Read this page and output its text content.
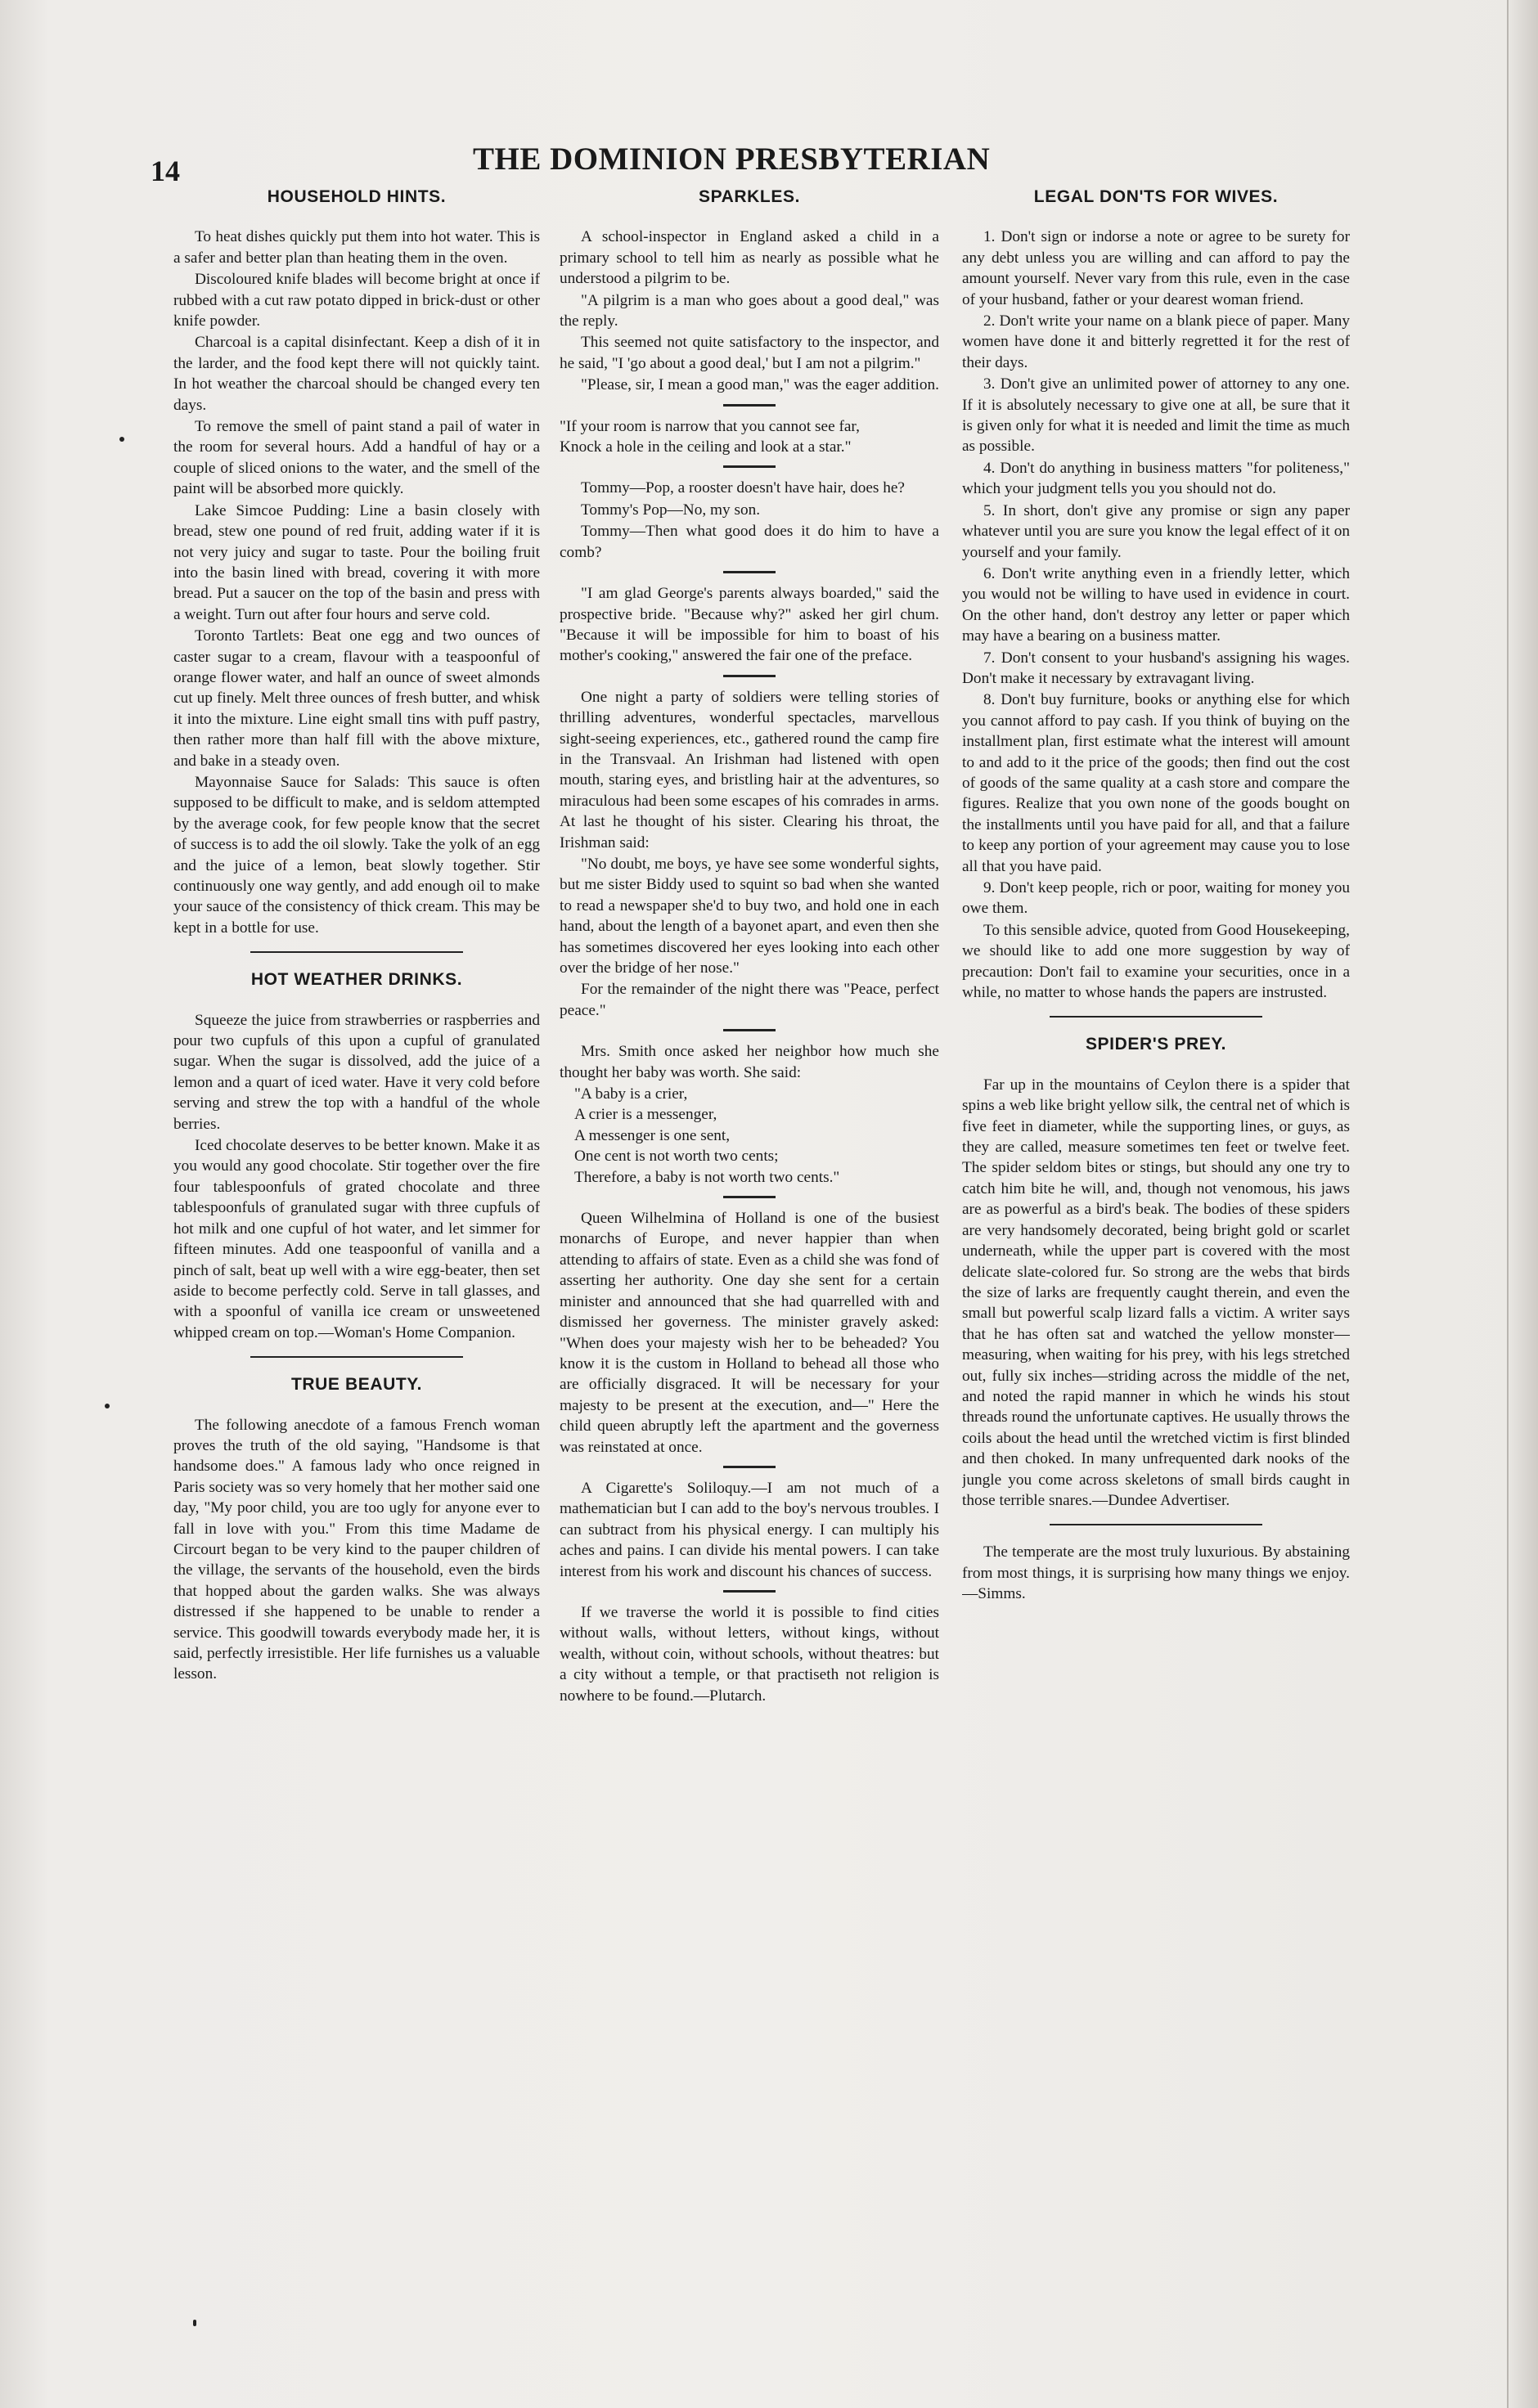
14	THE DOMINION PRESBYTERIAN
HOUSEHOLD HINTS.

To heat dishes quickly put them into hot water. This is a safer and better plan than heating them in the oven.

Discoloured knife blades will become bright at once if rubbed with a cut raw potato dipped in brick-dust or other knife powder.

Charcoal is a capital disinfectant. Keep a dish of it in the larder, and the food kept there will not quickly taint. In hot weather the charcoal should be changed every ten days.

To remove the smell of paint stand a pail of water in the room for several hours. Add a handful of hay or a couple of sliced onions to the water, and the smell of the paint will be absorbed more quickly.

Lake Simcoe Pudding: Line a basin closely with bread, stew one pound of red fruit, adding water if it is not very juicy and sugar to taste. Pour the boiling fruit into the basin lined with bread, covering it with more bread. Put a saucer on the top of the basin and press with a weight. Turn out after four hours and serve cold.

Toronto Tartlets: Beat one egg and two ounces of caster sugar to a cream, flavour with a teaspoonful of orange flower water, and half an ounce of sweet almonds cut up finely. Melt three ounces of fresh butter, and whisk it into the mixture. Line eight small tins with puff pastry, then rather more than half fill with the above mixture, and bake in a steady oven.

Mayonnaise Sauce for Salads: This sauce is often supposed to be difficult to make, and is seldom attempted by the average cook, for few people know that the secret of success is to add the oil slowly. Take the yolk of an egg and the juice of a lemon, beat slowly together. Stir continuously one way gently, and add enough oil to make your sauce of the consistency of thick cream. This may be kept in a bottle for use.

HOT WEATHER DRINKS.

Squeeze the juice from strawberries or raspberries and pour two cupfuls of this upon a cupful of granulated sugar. When the sugar is dissolved, add the juice of a lemon and a quart of iced water. Have it very cold before serving and strew the top with a handful of the whole berries.

Iced chocolate deserves to be better known. Make it as you would any good chocolate. Stir together over the fire four tablespoonfuls of grated chocolate and three tablespoonfuls of granulated sugar with three cupfuls of hot milk and one cupful of hot water, and let simmer for fifteen minutes. Add one teaspoonful of vanilla and a pinch of salt, beat up well with a wire egg-beater, then set aside to become perfectly cold. Serve in tall glasses, and with a spoonful of vanilla ice cream or unsweetened whipped cream on top.—Woman's Home Companion.

TRUE BEAUTY.

The following anecdote of a famous French woman proves the truth of the old saying, "Handsome is that handsome does." A famous lady who once reigned in Paris society was so very homely that her mother said one day, "My poor child, you are too ugly for anyone ever to fall in love with you." From this time Madame de Circourt began to be very kind to the pauper children of the village, the servants of the household, even the birds that hopped about the garden walks. She was always distressed if she happened to be unable to render a service. This goodwill towards everybody made her, it is said, perfectly irresistible. Her life furnishes us a valuable lesson.

SPARKLES.

A school-inspector in England asked a child in a primary school to tell him as nearly as possible what he understood a pilgrim to be.

"A pilgrim is a man who goes about a good deal," was the reply.

This seemed not quite satisfactory to the inspector, and he said, "I 'go about a good deal,' but I am not a pilgrim."

"Please, sir, I mean a good man," was the eager addition.

"If your room is narrow that you cannot see far,

Knock a hole in the ceiling and look at a star."

Tommy—Pop, a rooster doesn't have hair, does he?

Tommy's Pop—No, my son.

Tommy—Then what good does it do him to have a comb?

"I am glad George's parents always boarded," said the prospective bride. "Because why?" asked her girl chum. "Because it will be impossible for him to boast of his mother's cooking," answered the fair one of the preface.

One night a party of soldiers were telling stories of thrilling adventures, wonderful spectacles, marvellous sight-seeing experiences, etc., gathered round the camp fire in the Transvaal. An Irishman had listened with open mouth, staring eyes, and bristling hair at the adventures, so miraculous had been some escapes of his comrades in arms. At last he thought of his sister. Clearing his throat, the Irishman said:

"No doubt, me boys, ye have see some wonderful sights, but me sister Biddy used to squint so bad when she wanted to read a newspaper she'd to buy two, and hold one in each hand, about the length of a bayonet apart, and even then she has sometimes discovered her eyes looking into each other over the bridge of her nose."

For the remainder of the night there was "Peace, perfect peace."

Mrs. Smith once asked her neighbor how much she thought her baby was worth. She said:

"A baby is a crier,

A crier is a messenger,

A messenger is one sent,

One cent is not worth two cents;

Therefore, a baby is not worth two cents."

Queen Wilhelmina of Holland is one of the busiest monarchs of Europe, and never happier than when attending to affairs of state. Even as a child she was fond of asserting her authority. One day she sent for a certain minister and announced that she had quarrelled with and dismissed her governess. The minister gravely asked: "When does your majesty wish her to be beheaded? You know it is the custom in Holland to behead all those who are officially disgraced. It will be necessary for your majesty to be present at the execution, and—" Here the child queen abruptly left the apartment and the governess was reinstated at once.

A Cigarette's Soliloquy.—I am not much of a mathematician but I can add to the boy's nervous troubles. I can subtract from his physical energy. I can multiply his aches and pains. I can divide his mental powers. I can take interest from his work and discount his chances of success.

If we traverse the world it is possible to find cities without walls, without letters, without kings, without wealth, without coin, without schools, without theatres: but a city without a temple, or that practiseth not religion is nowhere to be found.—Plutarch.

LEGAL DON'TS FOR WIVES.

1. Don't sign or indorse a note or agree to be surety for any debt unless you are willing and can afford to pay the amount yourself. Never vary from this rule, even in the case of your husband, father or your dearest woman friend.

2. Don't write your name on a blank piece of paper. Many women have done it and bitterly regretted it for the rest of their days.

3. Don't give an unlimited power of attorney to any one. If it is absolutely necessary to give one at all, be sure that it is given only for what it is needed and limit the time as much as possible.

4. Don't do anything in business matters "for politeness," which your judgment tells you you should not do.

5. In short, don't give any promise or sign any paper whatever until you are sure you know the legal effect of it on yourself and your family.

6. Don't write anything even in a friendly letter, which you would not be willing to have used in evidence in court. On the other hand, don't destroy any letter or paper which may have a bearing on a business matter.

7. Don't consent to your husband's assigning his wages. Don't make it necessary by extravagant living.

8. Don't buy furniture, books or anything else for which you cannot afford to pay cash. If you think of buying on the installment plan, first estimate what the interest will amount to and add to it the price of the goods; then find out the cost of goods of the same quality at a cash store and compare the figures. Realize that you own none of the goods bought on the installments until you have paid for all, and that a failure to keep any portion of your agreement may cause you to lose all that you have paid.

9. Don't keep people, rich or poor, waiting for money you owe them.

To this sensible advice, quoted from Good Housekeeping, we should like to add one more suggestion by way of precaution: Don't fail to examine your securities, once in a while, no matter to whose hands the papers are instrusted.

SPIDER'S PREY.

Far up in the mountains of Ceylon there is a spider that spins a web like bright yellow silk, the central net of which is five feet in diameter, while the supporting lines, or guys, as they are called, measure sometimes ten feet or twelve feet. The spider seldom bites or stings, but should any one try to catch him bite he will, and, though not venomous, his jaws are as powerful as a bird's beak. The bodies of these spiders are very handsomely decorated, being bright gold or scarlet underneath, while the upper part is covered with the most delicate slate-colored fur. So strong are the webs that birds the size of larks are frequently caught therein, and even the small but powerful scalp lizard falls a victim. A writer says that he has often sat and watched the yellow monster—measuring, when waiting for his prey, with his legs stretched out, fully six inches—striding across the middle of the net, and noted the rapid manner in which he winds his stout threads round the unfortunate captives. He usually throws the coils about the head until the wretched victim is first blinded and then choked. In many unfrequented dark nooks of the jungle you come across skeletons of small birds caught in those terrible snares.—Dundee Advertiser.

The temperate are the most truly luxurious. By abstaining from most things, it is surprising how many things we enjoy.—Simms.
